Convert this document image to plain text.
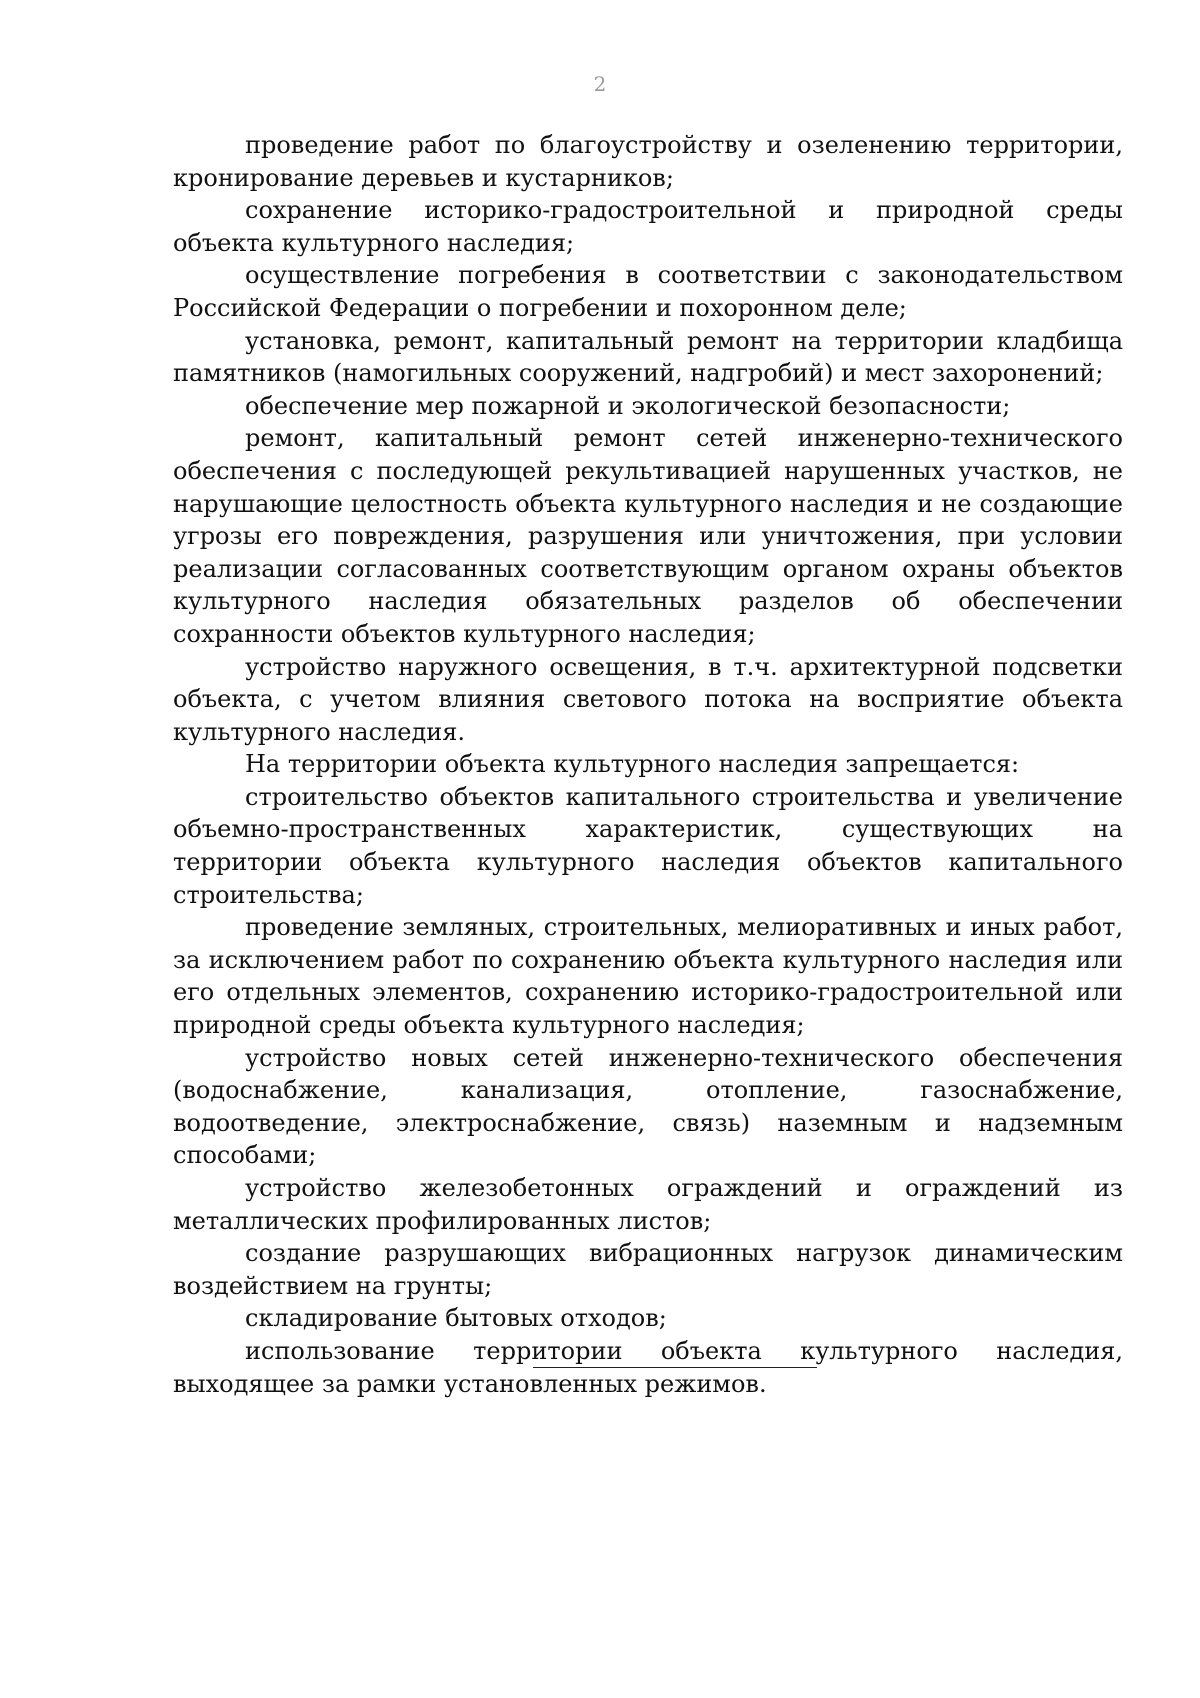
2

проведение работ по благоустройству и озеленению территории, кронирование деревьев и кустарников;

сохранение историко-градостроительной и природной среды объекта культурного наследия;

осуществление погребения в соответствии с законодательством Российской Федерации о погребении и похоронном деле;

установка, ремонт, капитальный ремонт на территории кладбища памятников (намогильных сооружений, надгробий) и мест захоронений;

обеспечение мер пожарной и экологической безопасности;

ремонт, капитальный ремонт сетей инженерно-технического обеспечения с последующей рекультивацией нарушенных участков, не нарушающие целостность объекта культурного наследия и не создающие угрозы его повреждения, разрушения или уничтожения, при условии реализации согласованных соответствующим органом охраны объектов культурного наследия обязательных разделов об обеспечении сохранности объектов культурного наследия;

устройство наружного освещения, в т.ч. архитектурной подсветки объекта, с учетом влияния светового потока на восприятие объекта культурного наследия.

На территории объекта культурного наследия запрещается:

строительство объектов капитального строительства и увеличение объемно-пространственных характеристик, существующих на территории объекта культурного наследия объектов капитального строительства;

проведение земляных, строительных, мелиоративных и иных работ, за исключением работ по сохранению объекта культурного наследия или его отдельных элементов, сохранению историко-градостроительной или природной среды объекта культурного наследия;

устройство новых сетей инженерно-технического обеспечения (водоснабжение, канализация, отопление, газоснабжение, водоотведение, электроснабжение, связь) наземным и надземным способами;

устройство железобетонных ограждений и ограждений из металлических профилированных листов;

создание разрушающих вибрационных нагрузок динамическим воздействием на грунты;

складирование бытовых отходов;

использование территории объекта культурного наследия, выходящее за рамки установленных режимов.
